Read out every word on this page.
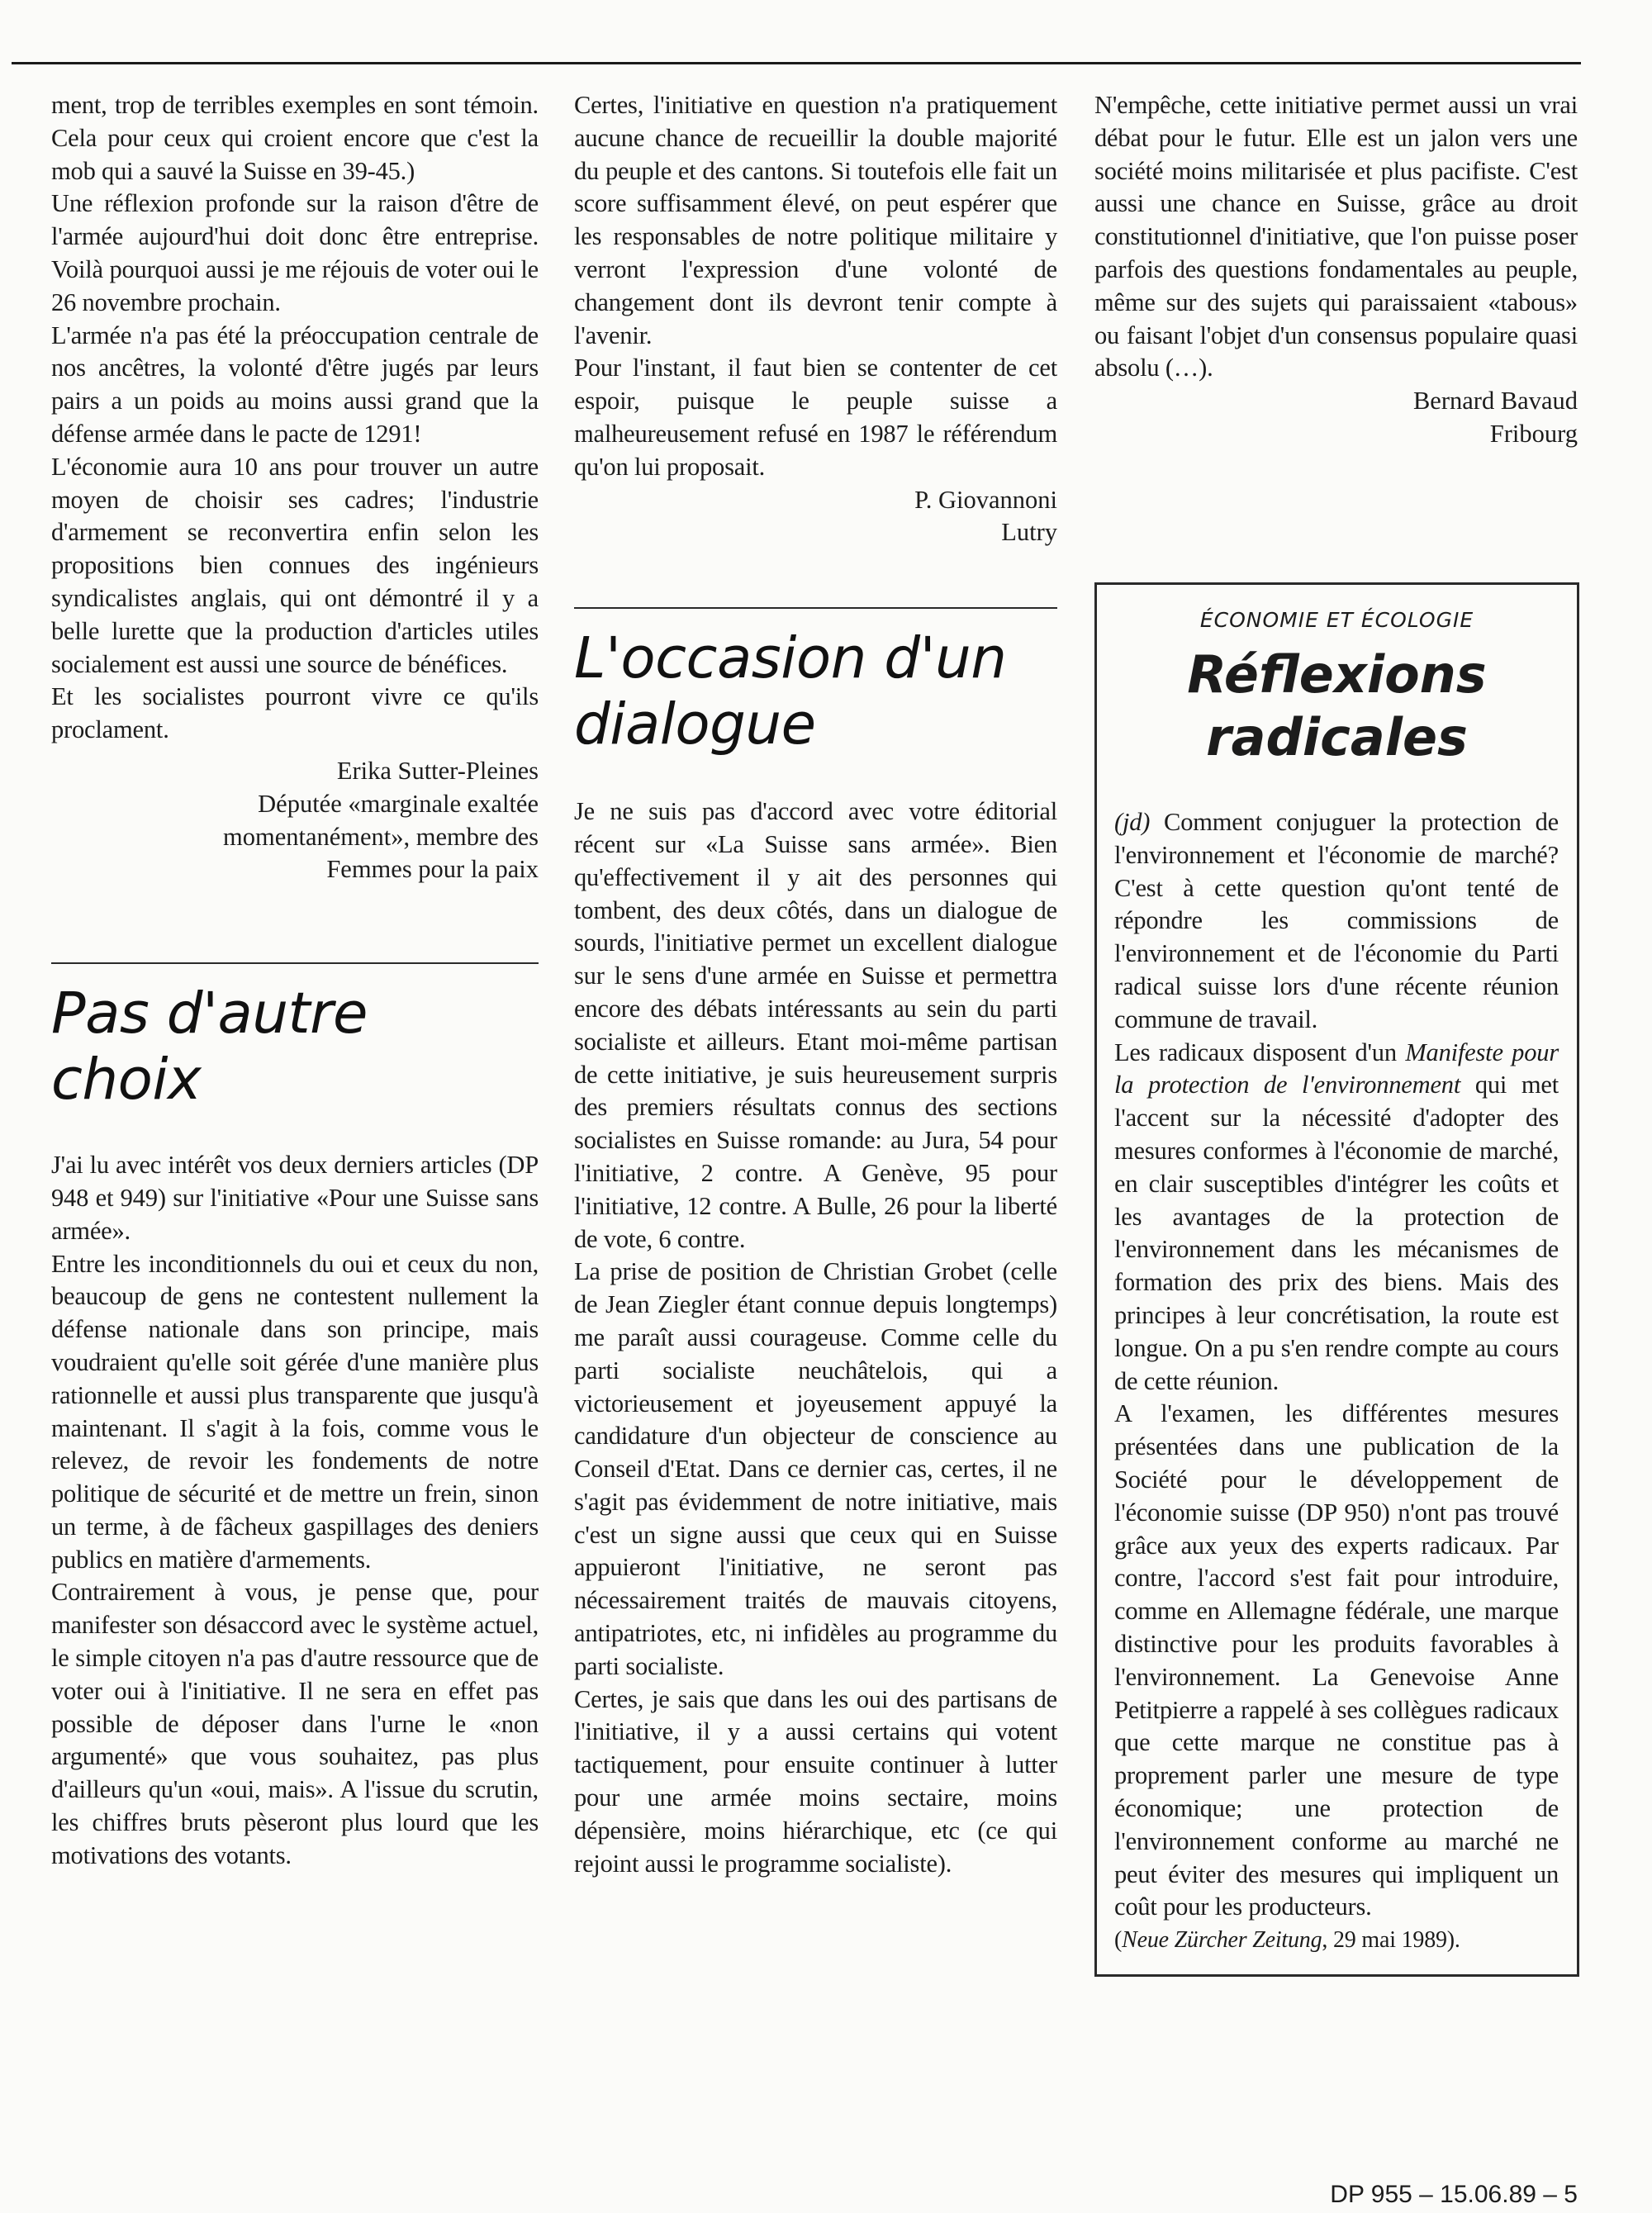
ment, trop de terribles exemples en sont témoin. Cela pour ceux qui croient encore que c'est la mob qui a sauvé la Suisse en 39-45.)

Une réflexion profonde sur la raison d'être de l'armée aujourd'hui doit donc être entreprise. Voilà pourquoi aussi je me réjouis de voter oui le 26 novembre prochain.

L'armée n'a pas été la préoccupation centrale de nos ancêtres, la volonté d'être jugés par leurs pairs a un poids au moins aussi grand que la défense armée dans le pacte de 1291!

L'économie aura 10 ans pour trouver un autre moyen de choisir ses cadres; l'industrie d'armement se reconvertira enfin selon les propositions bien connues des ingénieurs syndicalistes anglais, qui ont démontré il y a belle lurette que la production d'articles utiles socialement est aussi une source de bénéfices.

Et les socialistes pourront vivre ce qu'ils proclament.

Erika Sutter-Pleines
Députée «marginale exaltée
momentanément», membre des
Femmes pour la paix
Pas d'autre choix

J'ai lu avec intérêt vos deux derniers articles (DP 948 et 949) sur l'initiative «Pour une Suisse sans armée».

Entre les inconditionnels du oui et ceux du non, beaucoup de gens ne contestent nullement la défense nationale dans son principe, mais voudraient qu'elle soit gérée d'une manière plus rationnelle et aussi plus transparente que jusqu'à maintenant. Il s'agit à la fois, comme vous le relevez, de revoir les fondements de notre politique de sécurité et de mettre un frein, sinon un terme, à de fâcheux gaspillages des deniers publics en matière d'armements.

Contrairement à vous, je pense que, pour manifester son désaccord avec le système actuel, le simple citoyen n'a pas d'autre ressource que de voter oui à l'initiative. Il ne sera en effet pas possible de déposer dans l'urne le «non argumenté» que vous souhaitez, pas plus d'ailleurs qu'un «oui, mais». A l'issue du scrutin, les chiffres bruts pèseront plus lourd que les motivations des votants.

Certes, l'initiative en question n'a pratiquement aucune chance de recueillir la double majorité du peuple et des cantons. Si toutefois elle fait un score suffisamment élevé, on peut espérer que les responsables de notre politique militaire y verront l'expression d'une volonté de changement dont ils devront tenir compte à l'avenir.

Pour l'instant, il faut bien se contenter de cet espoir, puisque le peuple suisse a malheureusement refusé en 1987 le référendum qu'on lui proposait.

P. Giovannoni
Lutry
L'occasion d'un dialogue

Je ne suis pas d'accord avec votre éditorial récent sur «La Suisse sans armée». Bien qu'effectivement il y ait des personnes qui tombent, des deux côtés, dans un dialogue de sourds, l'initiative permet un excellent dialogue sur le sens d'une armée en Suisse et permettra encore des débats intéressants au sein du parti socialiste et ailleurs. Etant moi-même partisan de cette initiative, je suis heureusement surpris des premiers résultats connus des sections socialistes en Suisse romande: au Jura, 54 pour l'initiative, 2 contre. A Genève, 95 pour l'initiative, 12 contre. A Bulle, 26 pour la liberté de vote, 6 contre.

La prise de position de Christian Grobet (celle de Jean Ziegler étant connue depuis longtemps) me paraît aussi courageuse. Comme celle du parti socialiste neuchâtelois, qui a victorieusement et joyeusement appuyé la candidature d'un objecteur de conscience au Conseil d'Etat. Dans ce dernier cas, certes, il ne s'agit pas évidemment de notre initiative, mais c'est un signe aussi que ceux qui en Suisse appuieront l'initiative, ne seront pas nécessairement traités de mauvais citoyens, antipatriotes, etc, ni infidèles au programme du parti socialiste.

Certes, je sais que dans les oui des partisans de l'initiative, il y a aussi certains qui votent tactiquement, pour ensuite continuer à lutter pour une armée moins sectaire, moins dépensière, moins hiérarchique, etc (ce qui rejoint aussi le programme socialiste).

N'empêche, cette initiative permet aussi un vrai débat pour le futur. Elle est un jalon vers une société moins militarisée et plus pacifiste. C'est aussi une chance en Suisse, grâce au droit constitutionnel d'initiative, que l'on puisse poser parfois des questions fondamentales au peuple, même sur des sujets qui paraissaient «tabous» ou faisant l'objet d'un consensus populaire quasi absolu (…).

Bernard Bavaud
Fribourg
ÉCONOMIE ET ÉCOLOGIE
Réflexions
radicales

(jd) Comment conjuguer la protection de l'environnement et l'économie de marché? C'est à cette question qu'ont tenté de répondre les commissions de l'environnement et de l'économie du Parti radical suisse lors d'une récente réunion commune de travail.

Les radicaux disposent d'un Manifeste pour la protection de l'environnement qui met l'accent sur la nécessité d'adopter des mesures conformes à l'économie de marché, en clair susceptibles d'intégrer les coûts et les avantages de la protection de l'environnement dans les mécanismes de formation des prix des biens. Mais des principes à leur concrétisation, la route est longue. On a pu s'en rendre compte au cours de cette réunion.

A l'examen, les différentes mesures présentées dans une publication de la Société pour le développement de l'économie suisse (DP 950) n'ont pas trouvé grâce aux yeux des experts radicaux. Par contre, l'accord s'est fait pour introduire, comme en Allemagne fédérale, une marque distinctive pour les produits favorables à l'environnement. La Genevoise Anne Petitpierre a rappelé à ses collègues radicaux que cette marque ne constitue pas à proprement parler une mesure de type économique; une protection de l'environnement conforme au marché ne peut éviter des mesures qui impliquent un coût pour les producteurs.

(Neue Zürcher Zeitung, 29 mai 1989).

DP 955 – 15.06.89 – 5
